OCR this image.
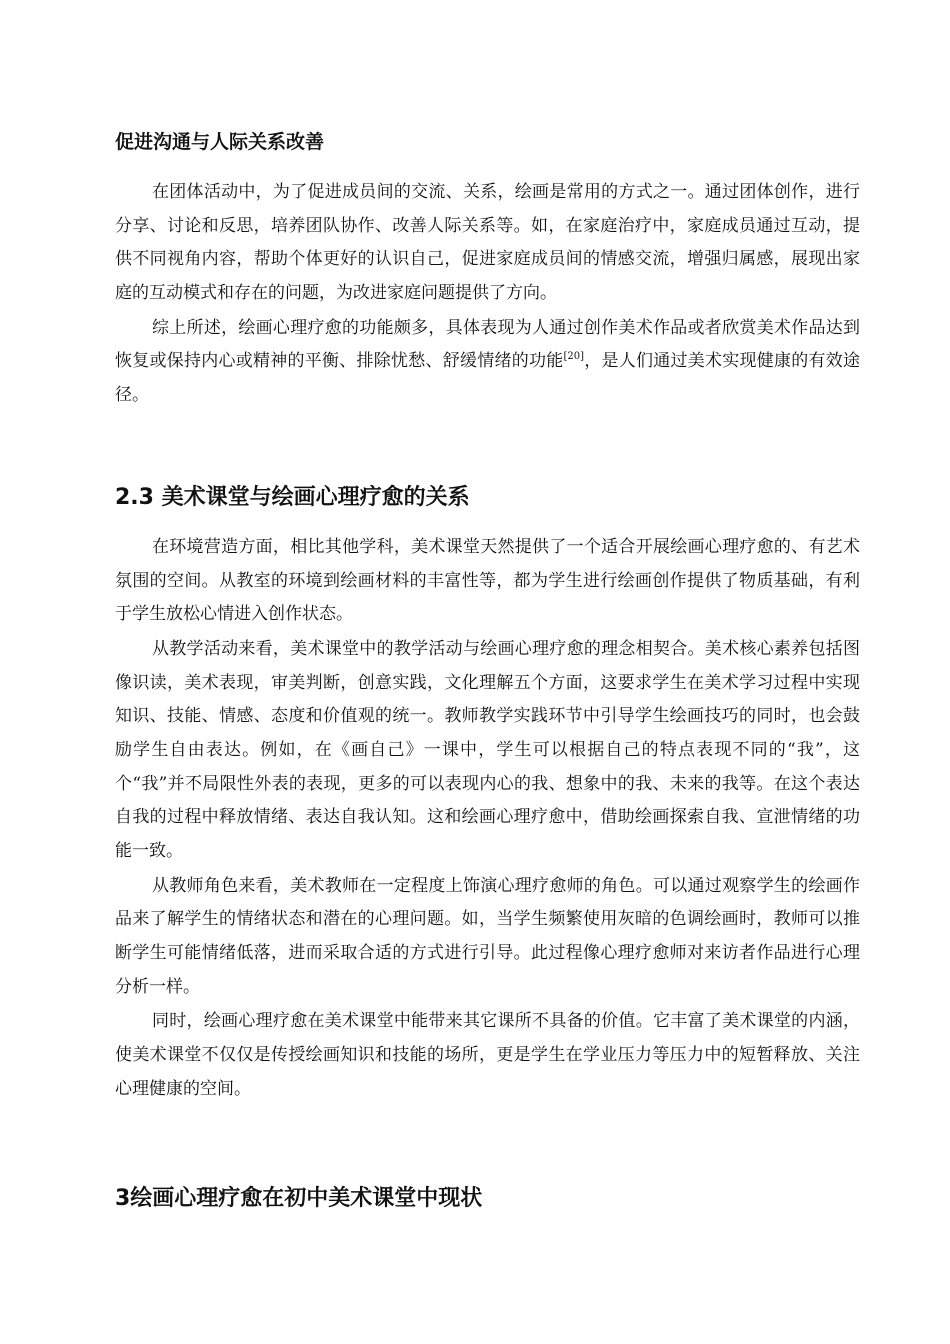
促进沟通与人际关系改善

在团体活动中，为了促进成员间的交流、关系，绘画是常用的方式之一。通过团体创作，进行分享、讨论和反思，培养团队协作、改善人际关系等。如，在家庭治疗中，家庭成员通过互动，提供不同视角内容，帮助个体更好的认识自己，促进家庭成员间的情感交流，增强归属感，展现出家庭的互动模式和存在的问题，为改进家庭问题提供了方向。

综上所述，绘画心理疗愈的功能颇多，具体表现为人通过创作美术作品或者欣赏美术作品达到恢复或保持内心或精神的平衡、排除忧愁、舒缓情绪的功能[20]，是人们通过美术实现健康的有效途径。

2.3 美术课堂与绘画心理疗愈的关系

在环境营造方面，相比其他学科，美术课堂天然提供了一个适合开展绘画心理疗愈的、有艺术氛围的空间。从教室的环境到绘画材料的丰富性等，都为学生进行绘画创作提供了物质基础，有利于学生放松心情进入创作状态。

从教学活动来看，美术课堂中的教学活动与绘画心理疗愈的理念相契合。美术核心素养包括图像识读，美术表现，审美判断，创意实践，文化理解五个方面，这要求学生在美术学习过程中实现知识、技能、情感、态度和价值观的统一。教师教学实践环节中引导学生绘画技巧的同时，也会鼓励学生自由表达。例如，在《画自己》一课中，学生可以根据自己的特点表现不同的“我”，这个“我”并不局限性外表的表现，更多的可以表现内心的我、想象中的我、未来的我等。在这个表达自我的过程中释放情绪、表达自我认知。这和绘画心理疗愈中，借助绘画探索自我、宣泄情绪的功能一致。

从教师角色来看，美术教师在一定程度上饰演心理疗愈师的角色。可以通过观察学生的绘画作品来了解学生的情绪状态和潜在的心理问题。如，当学生频繁使用灰暗的色调绘画时，教师可以推断学生可能情绪低落，进而采取合适的方式进行引导。此过程像心理疗愈师对来访者作品进行心理分析一样。

同时，绘画心理疗愈在美术课堂中能带来其它课所不具备的价值。它丰富了美术课堂的内涵，使美术课堂不仅仅是传授绘画知识和技能的场所，更是学生在学业压力等压力中的短暂释放、关注心理健康的空间。

3绘画心理疗愈在初中美术课堂中现状
